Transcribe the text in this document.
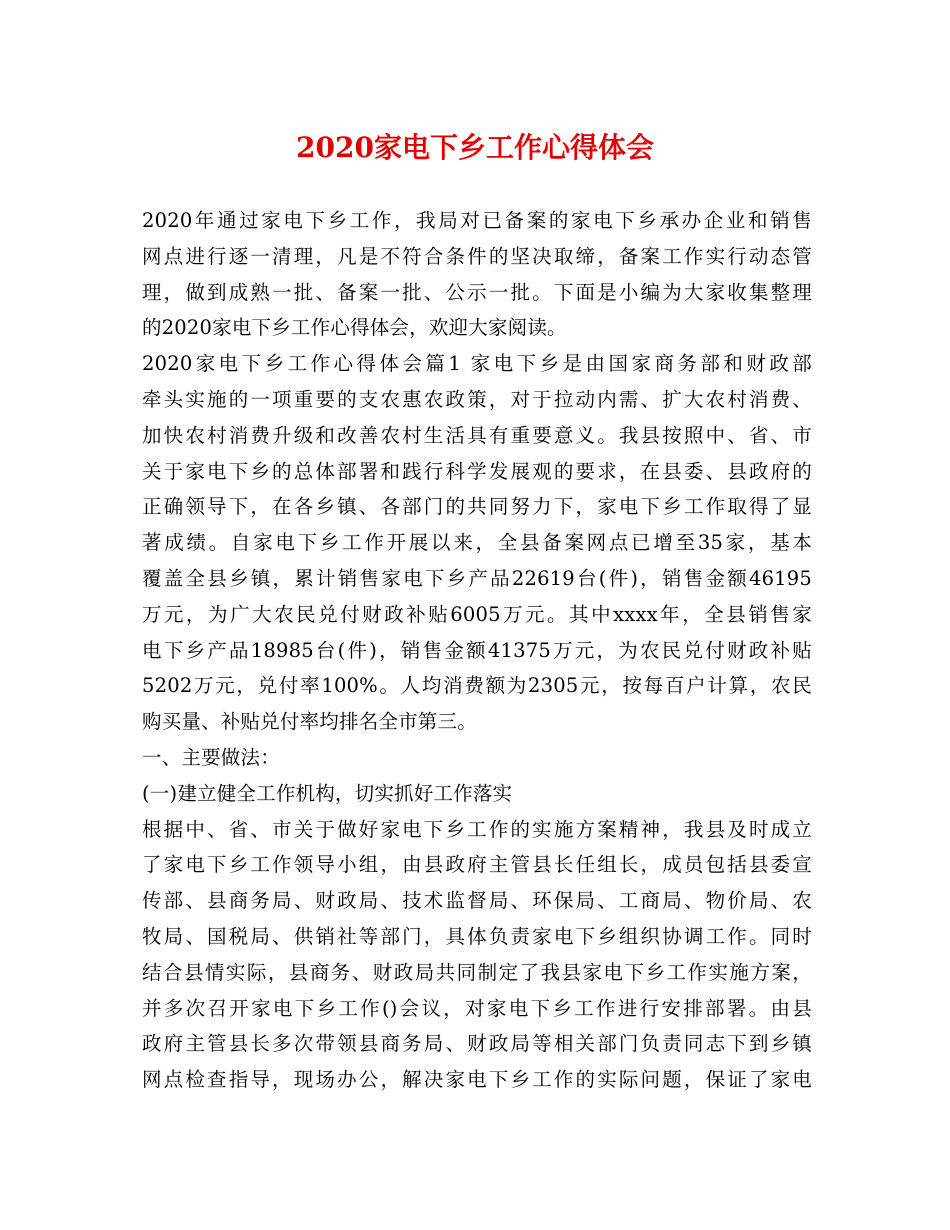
2020家电下乡工作心得体会
2020年通过家电下乡工作，我局对已备案的家电下乡承办企业和销售
网点进行逐一清理，凡是不符合条件的坚决取缔，备案工作实行动态管
理，做到成熟一批、备案一批、公示一批。下面是小编为大家收集整理
的2020家电下乡工作心得体会，欢迎大家阅读。
2020家电下乡工作心得体会篇1 家电下乡是由国家商务部和财政部
牵头实施的一项重要的支农惠农政策，对于拉动内需、扩大农村消费、
加快农村消费升级和改善农村生活具有重要意义。我县按照中、省、市
关于家电下乡的总体部署和践行科学发展观的要求，在县委、县政府的
正确领导下，在各乡镇、各部门的共同努力下，家电下乡工作取得了显
著成绩。自家电下乡工作开展以来，全县备案网点已增至35家，基本
覆盖全县乡镇，累计销售家电下乡产品22619台(件)，销售金额46195
万元，为广大农民兑付财政补贴6005万元。其中xxxx年，全县销售家
电下乡产品18985台(件)，销售金额41375万元，为农民兑付财政补贴
5202万元，兑付率100%。人均消费额为2305元，按每百户计算，农民
购买量、补贴兑付率均排名全市第三。
一、主要做法：
(一)建立健全工作机构，切实抓好工作落实
根据中、省、市关于做好家电下乡工作的实施方案精神，我县及时成立
了家电下乡工作领导小组，由县政府主管县长任组长，成员包括县委宣
传部、县商务局、财政局、技术监督局、环保局、工商局、物价局、农
牧局、国税局、供销社等部门，具体负责家电下乡组织协调工作。同时
结合县情实际，县商务、财政局共同制定了我县家电下乡工作实施方案，
并多次召开家电下乡工作()会议，对家电下乡工作进行安排部署。由县
政府主管县长多次带领县商务局、财政局等相关部门负责同志下到乡镇
网点检查指导，现场办公，解决家电下乡工作的实际问题，保证了家电
